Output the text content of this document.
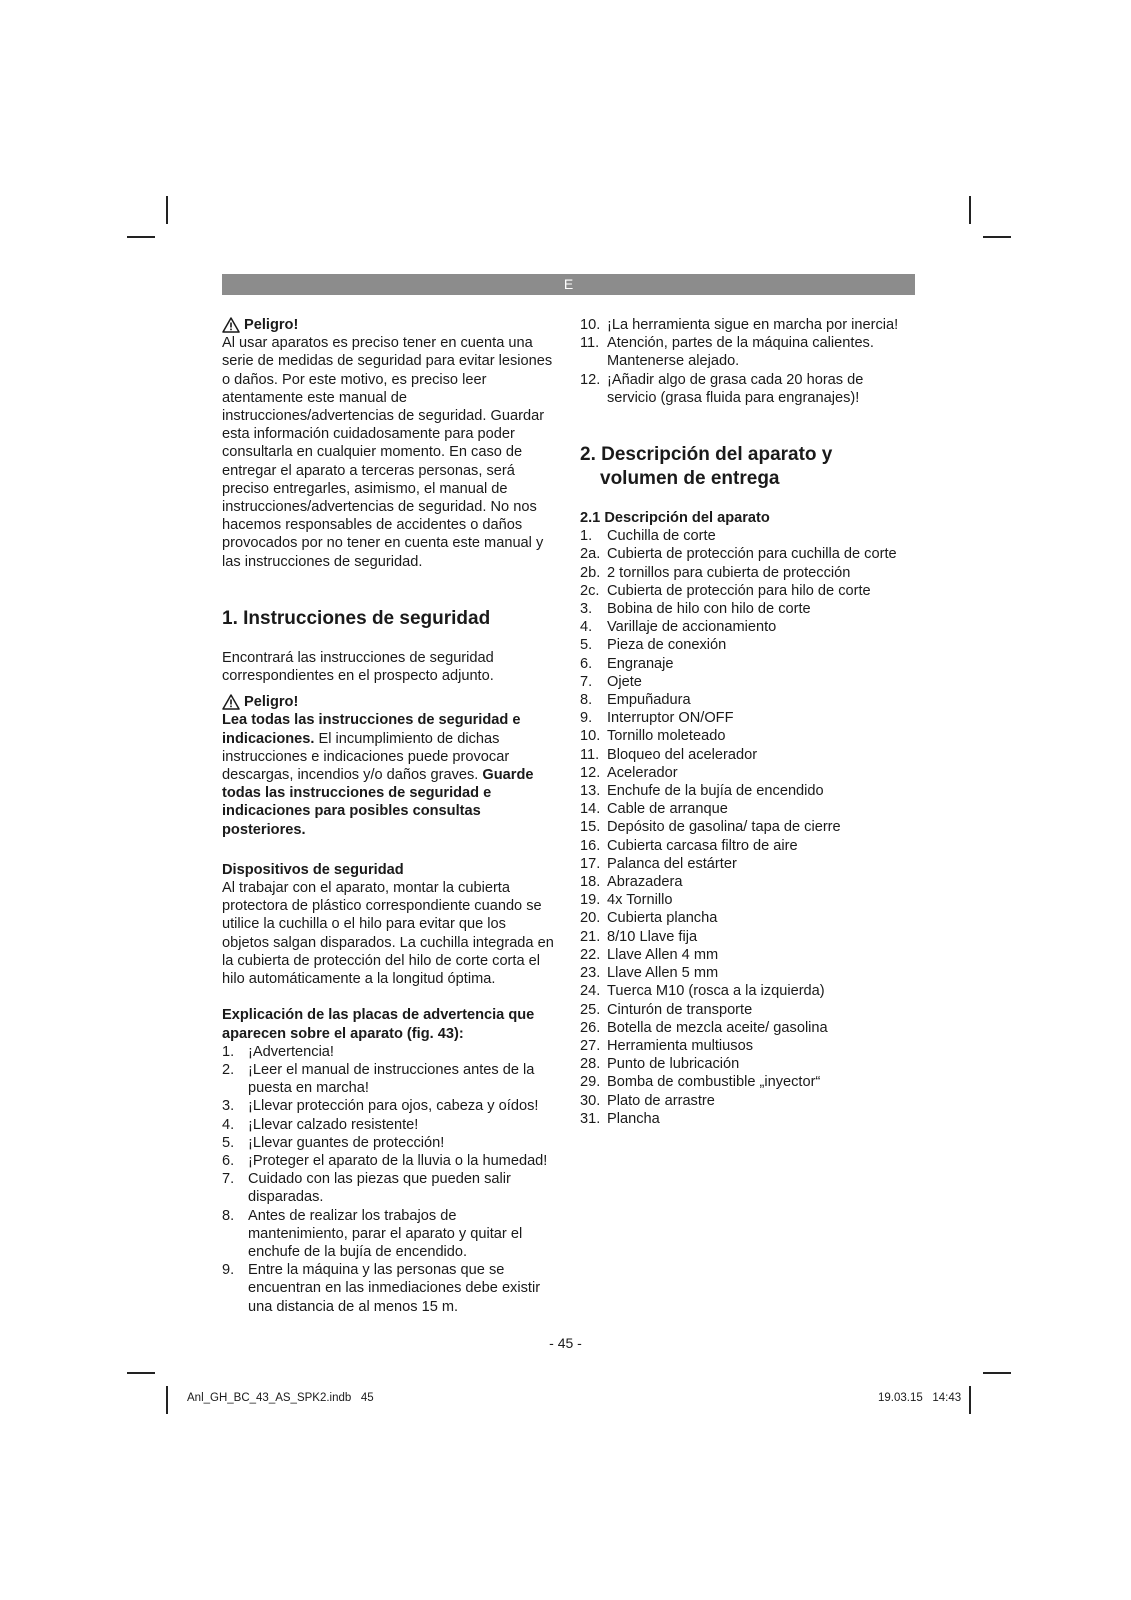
E
Peligro!

Al usar aparatos es preciso tener en cuenta una serie de medidas de seguridad para evitar lesiones o daños. Por este motivo, es preciso leer atentamente este manual de instrucciones/advertencias de seguridad. Guardar esta información cuidadosamente para poder consultarla en cualquier momento. En caso de entregar el aparato a terceras personas, será preciso entregarles, asimismo, el manual de instrucciones/advertencias de seguridad. No nos hacemos responsables de accidentes o daños provocados por no tener en cuenta este manual y las instrucciones de seguridad.

1. Instrucciones de seguridad

Encontrará las instrucciones de seguridad correspondientes en el prospecto adjunto.

Peligro!

Lea todas las instrucciones de seguridad e indicaciones. El incumplimiento de dichas instrucciones e indicaciones puede provocar descargas, incendios y/o daños graves. Guarde todas las instrucciones de seguridad e indicaciones para posibles consultas posteriores.

Dispositivos de seguridad

Al trabajar con el aparato, montar la cubierta protectora de plástico correspondiente cuando se utilice la cuchilla o el hilo para evitar que los objetos salgan disparados. La cuchilla integrada en la cubierta de protección del hilo de corte corta el hilo automáticamente a la longitud óptima.

Explicación de las placas de advertencia que aparecen sobre el aparato (fig. 43):
1. ¡Advertencia!
2. ¡Leer el manual de instrucciones antes de la puesta en marcha!
3. ¡Llevar protección para ojos, cabeza y oídos!
4. ¡Llevar calzado resistente!
5. ¡Llevar guantes de protección!
6. ¡Proteger el aparato de la lluvia o la humedad!
7. Cuidado con las piezas que pueden salir disparadas.
8. Antes de realizar los trabajos de mantenimiento, parar el aparato y quitar el enchufe de la bujía de encendido.
9. Entre la máquina y las personas que se encuentran en las inmediaciones debe existir una distancia de al menos 15 m.
10. ¡La herramienta sigue en marcha por inercia!
11. Atención, partes de la máquina calientes. Mantenerse alejado.
12. ¡Añadir algo de grasa cada 20 horas de servicio (grasa fluida para engranajes)!
2. Descripción del aparato y volumen de entrega
2.1 Descripción del aparato
1.	Cuchilla de corte
2a. Cubierta de protección para cuchilla de corte
2b. 2 tornillos para cubierta de protección
2c. Cubierta de protección para hilo de corte
3.	Bobina de hilo con hilo de corte
4.	Varillaje de accionamiento
5.	Pieza de conexión
6.	Engranaje
7.	Ojete
8.	Empuñadura
9.	Interruptor ON/OFF
10. Tornillo moleteado
11. Bloqueo del acelerador
12. Acelerador
13. Enchufe de la bujía de encendido
14. Cable de arranque
15. Depósito de gasolina/ tapa de cierre
16. Cubierta carcasa filtro de aire
17. Palanca del estárter
18. Abrazadera
19. 4x Tornillo
20. Cubierta plancha
21. 8/10 Llave fija
22. Llave Allen 4 mm
23. Llave Allen 5 mm
24. Tuerca M10 (rosca a la izquierda)
25. Cinturón de transporte
26. Botella de mezcla aceite/ gasolina
27. Herramienta multiusos
28. Punto de lubricación
29. Bomba de combustible „inyector“
30. Plato de arrastre
31. Plancha
- 45 -
Anl_GH_BC_43_AS_SPK2.indb   45	19.03.15   14:43
